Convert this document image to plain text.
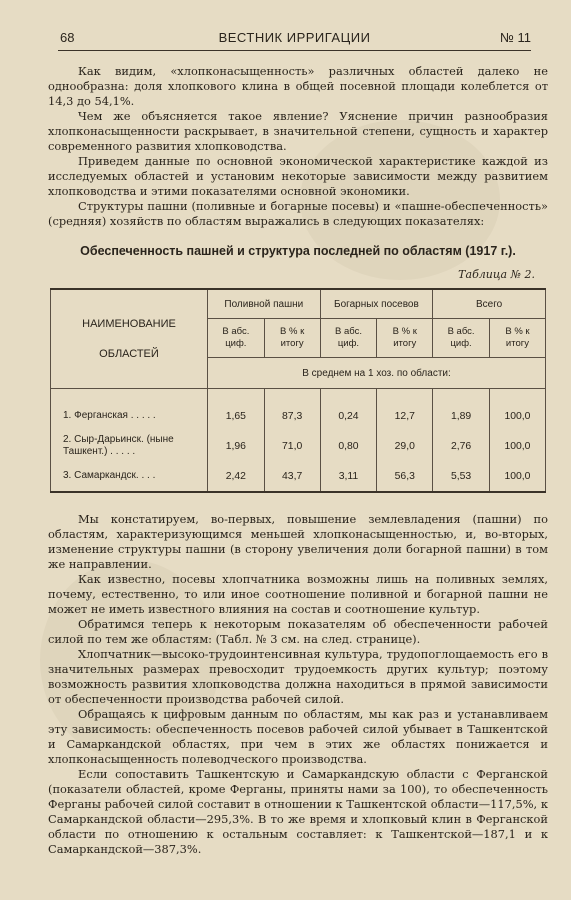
68	ВЕСТНИК ИРРИГАЦИИ	№ 11

Как видим, «хлопконасыщенность» различных областей далеко не однообразна: доля хлопкового клина в общей посевной площади колеблется от 14,3 до 54,1%.

Чем же объясняется такое явление? Уяснение причин разнообразия хлопконасыщенности раскрывает, в значительной степени, сущность и характер современного развития хлопководства.

Приведем данные по основной экономической характеристике каждой из исследуемых областей и установим некоторые зависимости между развитием хлопководства и этими показателями основной экономики.

Структуры пашни (поливные и богарные посевы) и «пашне-обеспеченность» (средняя) хозяйств по областям выражались в следующих показателях:

Обеспеченность пашней и структура последней по областям (1917 г.).
Таблица № 2.
НАИМЕНОВАНИЕ
ОБЛАСТЕЙ	Поливной пашни		Богарных посевов		Всего	
	В абс. циф.	В % к итогу	В абс. циф.	В % к итогу	В абс. циф.	В % к итогу
	В среднем на 1 хоз. по области:					
1. Ферганская . . . . .	1,65	87,3	0,24	12,7	1,89	100,0
2. Сыр-Дарьинск. (ныне Ташкент.) . . . . .	1,96	71,0	0,80	29,0	2,76	100,0
3. Самаркандск. . . .	2,42	43,7	3,11	56,3	5,53	100,0

Мы констатируем, во-первых, повышение землевладения (пашни) по областям, характеризующимся меньшей хлопконасыщенностью, и, во-вторых, изменение структуры пашни (в сторону увеличения доли богарной пашни) в том же направлении.

Как известно, посевы хлопчатника возможны лишь на поливных землях, почему, естественно, то или иное соотношение поливной и богарной пашни не может не иметь известного влияния на состав и соотношение культур.

Обратимся теперь к некоторым показателям об обеспеченности рабочей силой по тем же областям: (Табл. № 3 см. на след. странице).

Хлопчатник—высоко-трудоинтенсивная культура, трудопоглощаемость его в значительных размерах превосходит трудоемкость других культур; поэтому возможность развития хлопководства должна находиться в прямой зависимости от обеспеченности производства рабочей силой.

Обращаясь к цифровым данным по областям, мы как раз и устанавливаем эту зависимость: обеспеченность посевов рабочей силой убывает в Ташкентской и Самаркандской областях, при чем в этих же областях понижается и хлопконасыщенность полеводческого производства.

Если сопоставить Ташкентскую и Самаркандскую области с Ферганской (показатели областей, кроме Ферганы, приняты нами за 100), то обеспеченность Ферганы рабочей силой составит в отношении к Ташкентской области—117,5%, к Самаркандской области—295,3%. В то же время и хлопковый клин в Ферганской области по отношению к остальным составляет: к Ташкентской—187,1 и к Самаркандской—387,3%.
